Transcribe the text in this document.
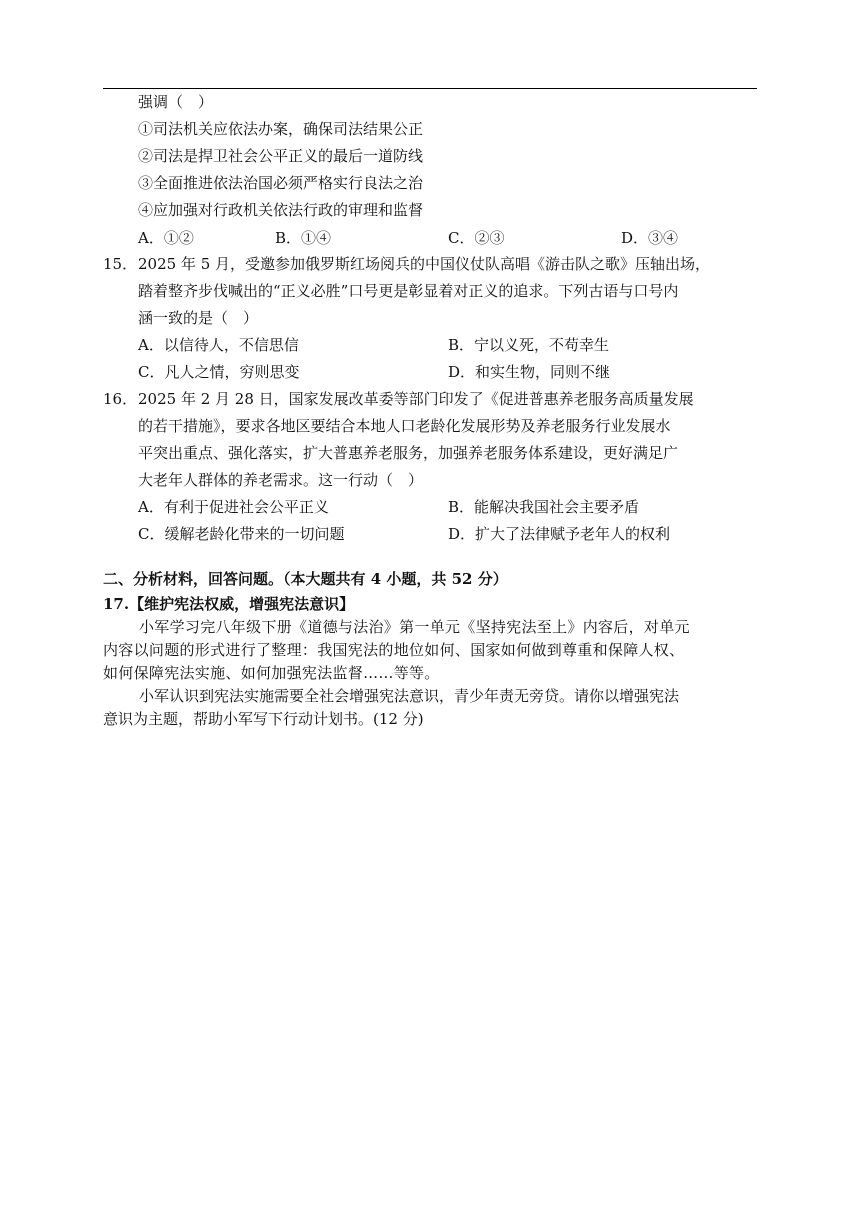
强调（　）
①司法机关应依法办案，确保司法结果公正
②司法是捍卫社会公平正义的最后一道防线
③全面推进依法治国必须严格实行良法之治
④应加强对行政机关依法行政的审理和监督
A．①②	B．①④	C．②③	D．③④
15． 2025 年 5 月，受邀参加俄罗斯红场阅兵的中国仪仗队高唱《游击队之歌》压轴出场，
踏着整齐步伐喊出的“正义必胜”口号更是彰显着对正义的追求。下列古语与口号内
涵一致的是（　）
A．以信待人，不信思信	B．宁以义死，不苟幸生
C．凡人之情，穷则思变	D．和实生物，同则不继
16． 2025 年 2 月 28 日，国家发展改革委等部门印发了《促进普惠养老服务高质量发展
的若干措施》，要求各地区要结合本地人口老龄化发展形势及养老服务行业发展水
平突出重点、强化落实，扩大普惠养老服务，加强养老服务体系建设，更好满足广
大老年人群体的养老需求。这一行动（　）
A．有利于促进社会公平正义	B．能解决我国社会主要矛盾
C．缓解老龄化带来的一切问题	D．扩大了法律赋予老年人的权利
二、分析材料，回答问题。（本大题共有 4 小题，共 52 分）
17.【维护宪法权威，增强宪法意识】
小军学习完八年级下册《道德与法治》第一单元《坚持宪法至上》内容后，对单元
内容以问题的形式进行了整理：我国宪法的地位如何、国家如何做到尊重和保障人权、
如何保障宪法实施、如何加强宪法监督……等等。
小军认识到宪法实施需要全社会增强宪法意识，青少年责无旁贷。请你以增强宪法
意识为主题，帮助小军写下行动计划书。(12 分)
